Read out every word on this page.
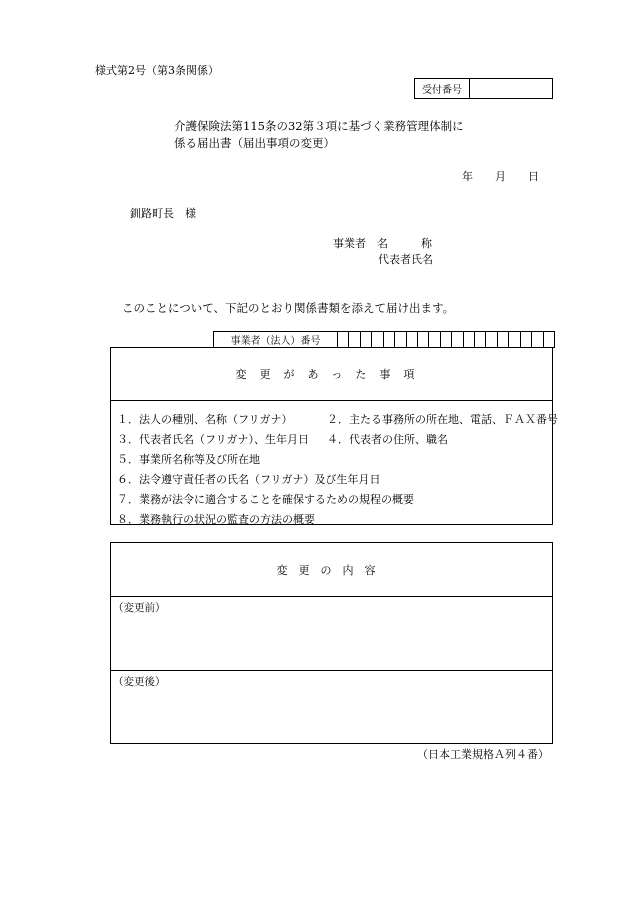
様式第2号（第3条関係）
受付番号
介護保険法第115条の32第３項に基づく業務管理体制に
係る届出書（届出事項の変更）
年 月 日
釧路町長　様
事業者　名　　　称
代表者氏名
このことについて、下記のとおり関係書類を添えて届け出ます。
事業者（法人）番号
変更があった事項
１．法人の種別、名称（フリガナ）	２．主たる事務所の所在地、電話、ＦＡＸ番号
３．代表者氏名（フリガナ）、生年月日 ４．代表者の住所、職名
５．事業所名称等及び所在地
６．法令遵守責任者の氏名（フリガナ）及び生年月日
７．業務が法令に適合することを確保するための規程の概要
８．業務執行の状況の監査の方法の概要
変更の内容
（変更前）
（変更後）
（日本工業規格Ａ列４番）
